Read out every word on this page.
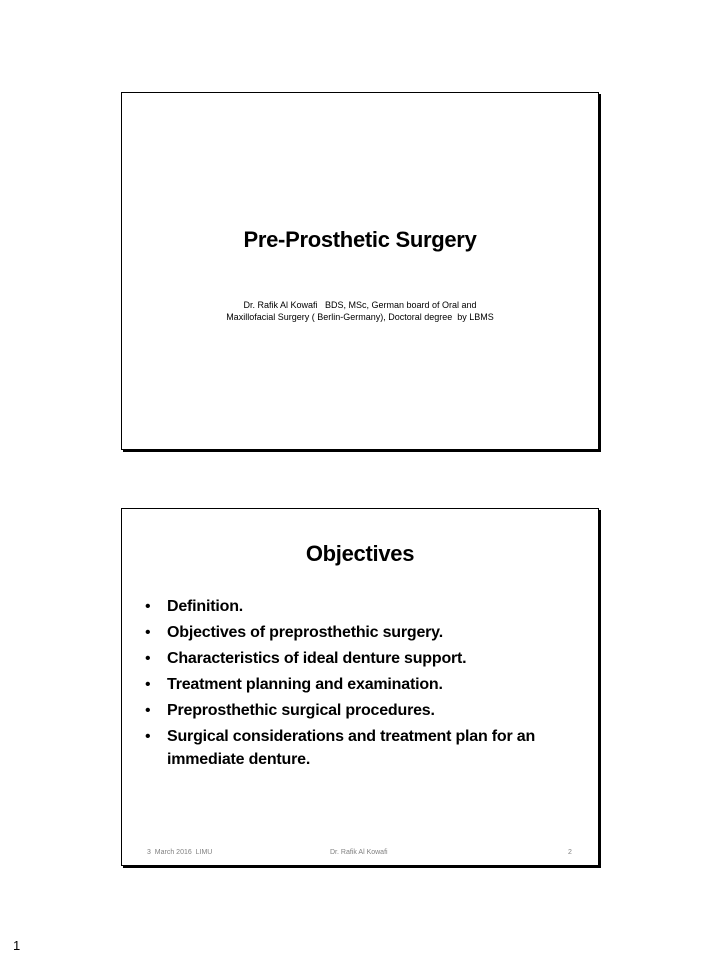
Pre-Prosthetic Surgery
Dr. Rafik Al Kowafi   BDS, MSc, German board of Oral and
Maxillofacial Surgery ( Berlin-Germany), Doctoral degree  by LBMS
Objectives
• Definition.
• Objectives of preprosthethic surgery.
• Characteristics of ideal denture support.
• Treatment planning and examination.
• Preprosthethic surgical procedures.
• Surgical considerations and treatment plan for an immediate denture.
3  March 2016  LIMU	Dr. Rafik Al Kowafi	2
1
